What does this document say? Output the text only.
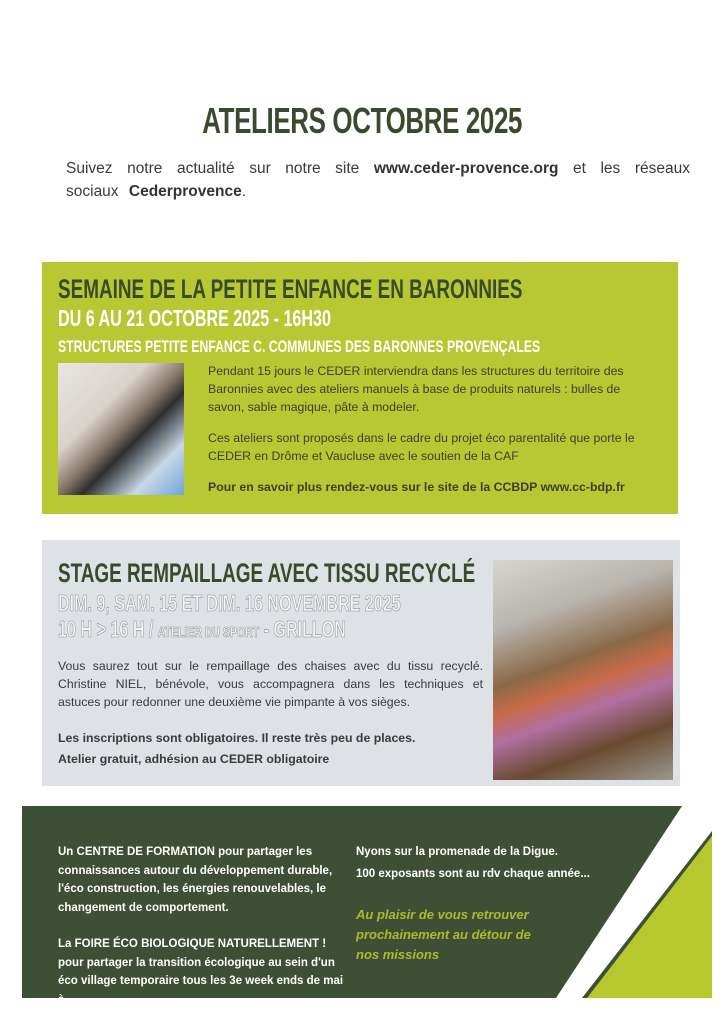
ATELIERS OCTOBRE 2025

Suivez notre actualité sur notre site www.ceder-provence.org et les réseaux sociaux Cederprovence.

SEMAINE DE LA PETITE ENFANCE EN BARONNIES
DU 6 AU 21 OCTOBRE 2025 - 16H30
STRUCTURES PETITE ENFANCE C. COMMUNES DES BARONNES PROVENÇALES

Pendant 15 jours le CEDER interviendra dans les structures du territoire des Baronnies avec des ateliers manuels à base de produits naturels : bulles de savon, sable magique, pâte à modeler.

Ces ateliers sont proposés dans le cadre du projet éco parentalité que porte le CEDER en Drôme et Vaucluse avec le soutien de la CAF

Pour en savoir plus rendez-vous sur le site de la CCBDP www.cc-bdp.fr

STAGE REMPAILLAGE AVEC TISSU RECYCLÉ
DIM. 9, SAM. 15 ET DIM. 16 NOVEMBRE 2025
10 H > 16 H / ATELIER DU SPORT - GRILLON

Vous saurez tout sur le rempaillage des chaises avec du tissu recyclé. Christine NIEL, bénévole, vous accompagnera dans les techniques et astuces pour redonner une deuxième vie pimpante à vos sièges.

Les inscriptions sont obligatoires. Il reste très peu de places.

Atelier gratuit, adhésion au CEDER obligatoire

Un CENTRE DE FORMATION pour partager les connaissances autour du développement durable, l'éco construction, les énergies renouvelables, le changement de comportement.

La FOIRE ÉCO BIOLOGIQUE NATURELLEMENT ! pour partager la transition écologique au sein d'un éco village temporaire tous les 3e week ends de mai à

Nyons sur la promenade de la Digue.

100 exposants sont au rdv chaque année...

Au plaisir de vous retrouver prochainement au détour de nos missions
